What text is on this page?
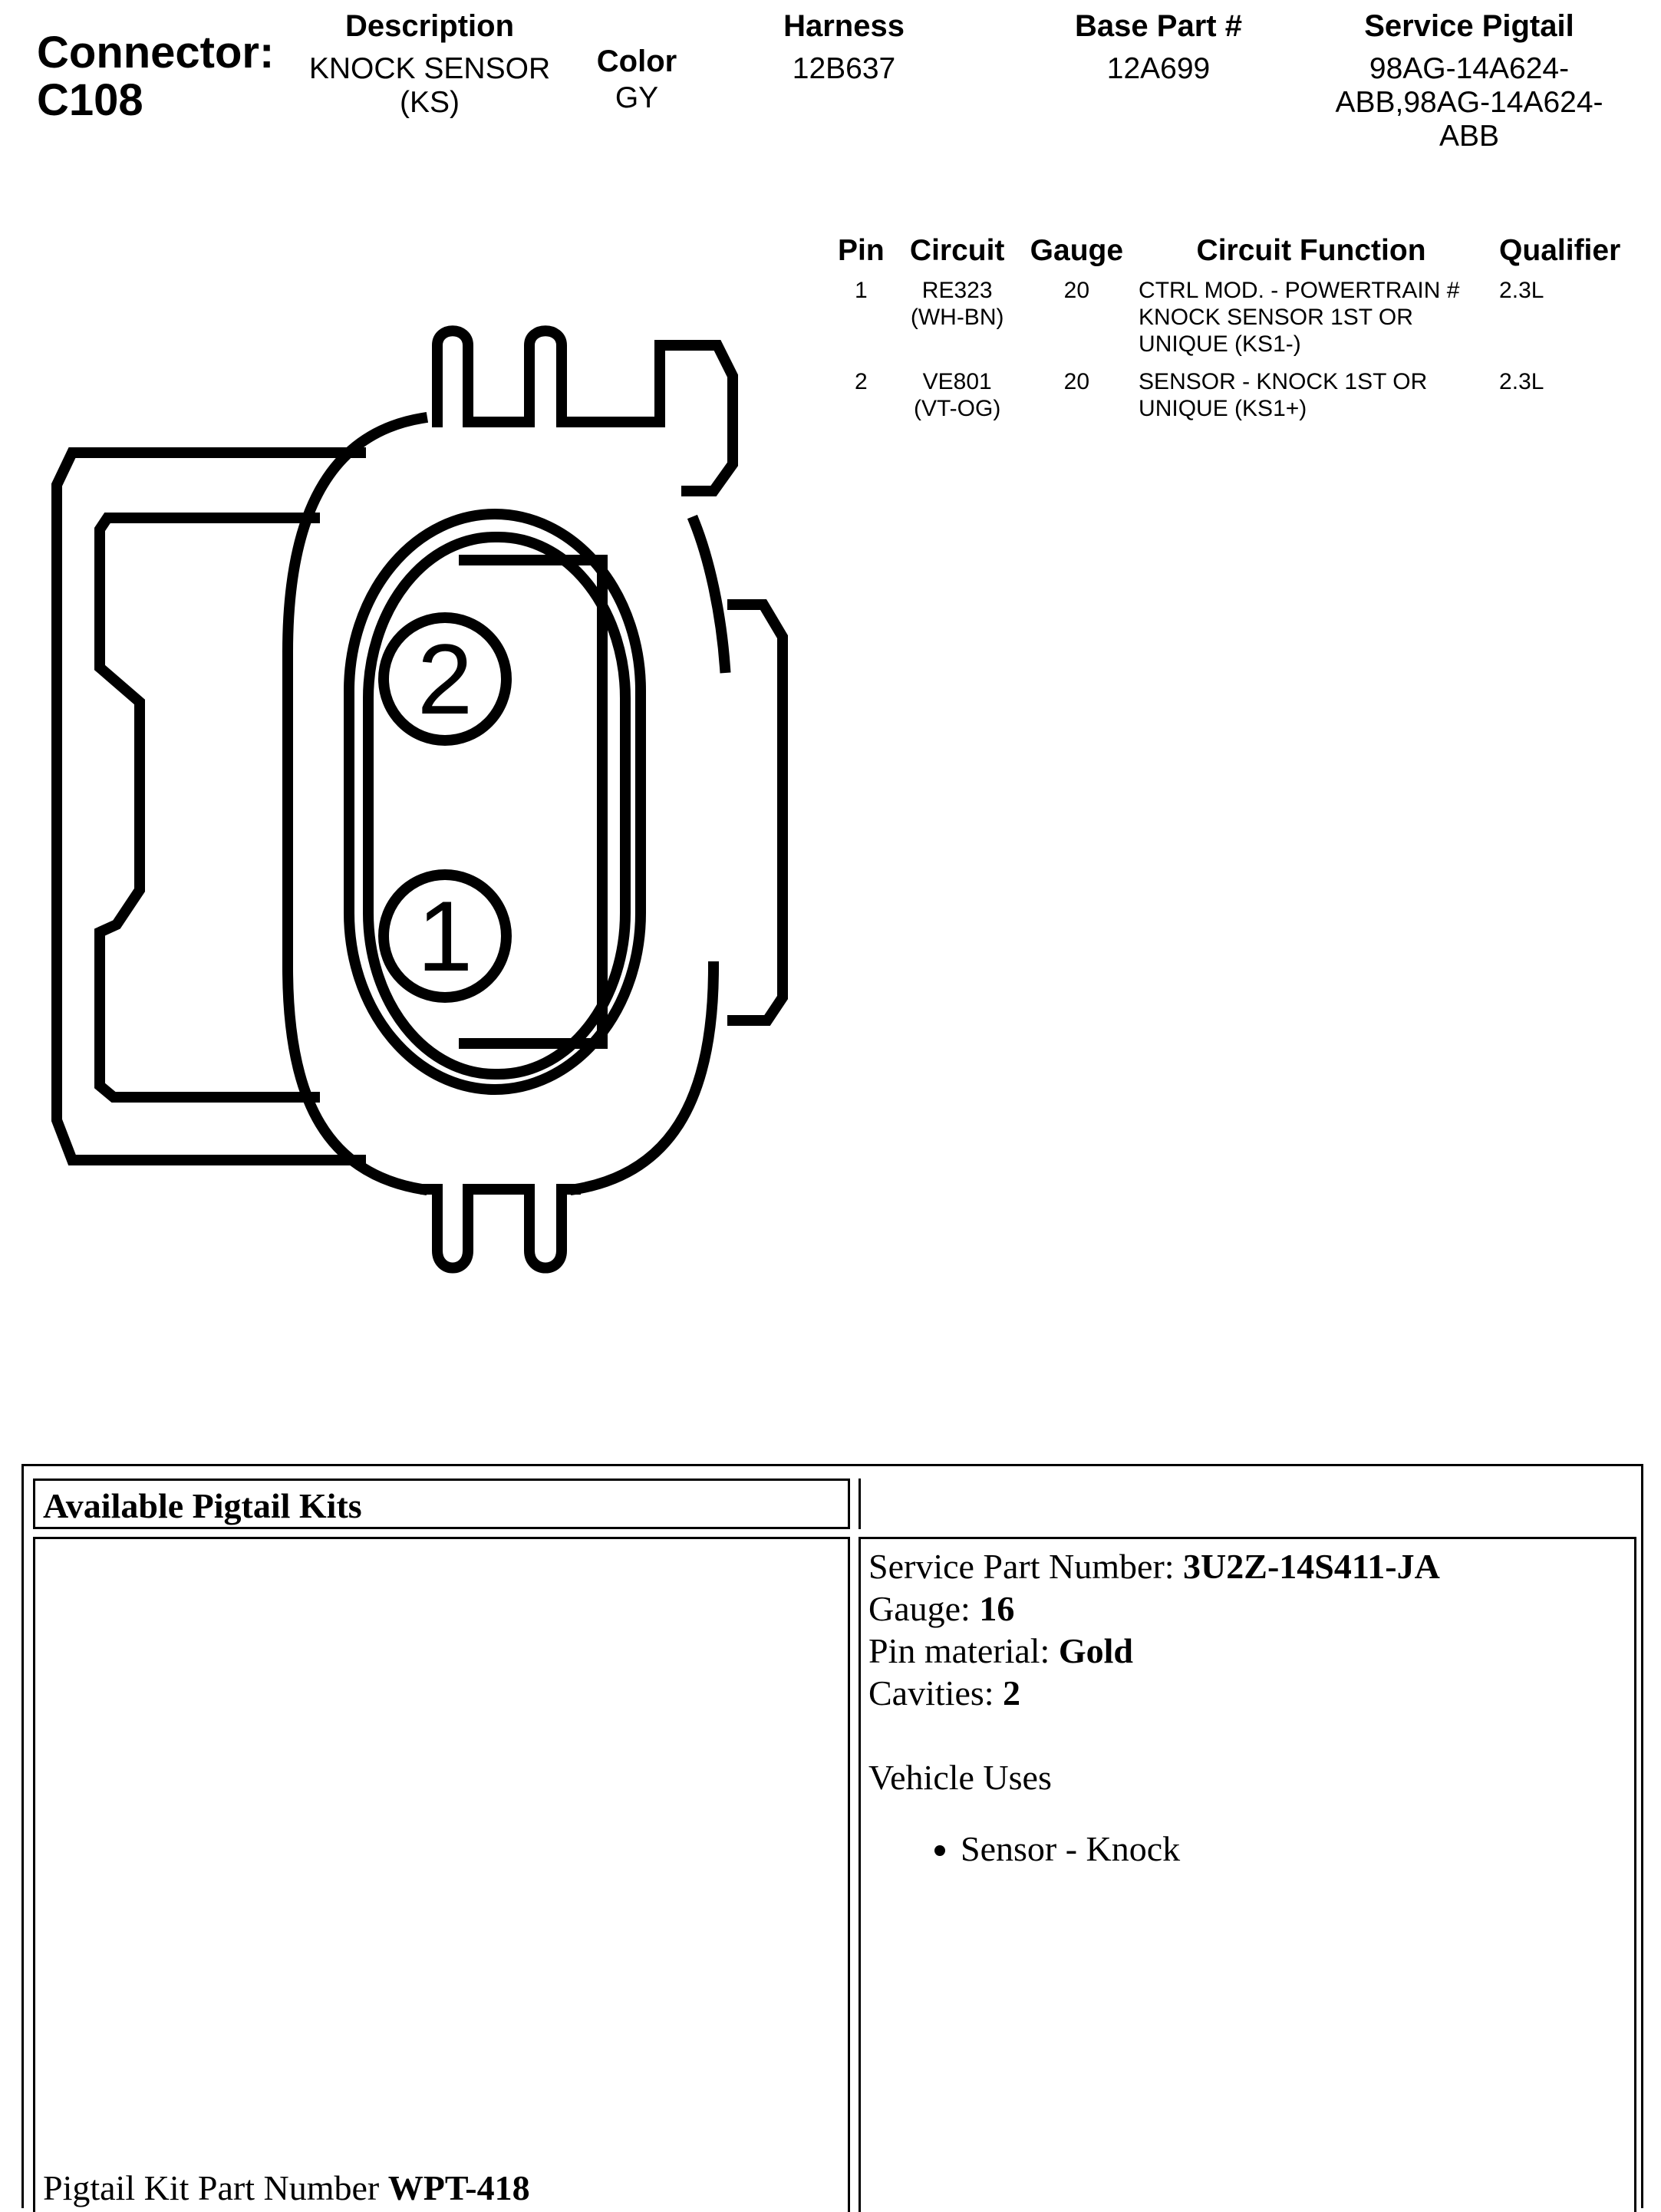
Connector:
C108
Description
KNOCK SENSOR (KS)
Color
GY
Harness
12B637
Base Part #
12A699
Service Pigtail
98AG-14A624-ABB,98AG-14A624-ABB
Pin	Circuit	Gauge	Circuit Function	Qualifier
1	RE323 (WH-BN)	20	CTRL MOD. - POWERTRAIN # KNOCK SENSOR 1ST OR UNIQUE (KS1-)	2.3L
2	VE801 (VT-OG)	20	SENSOR - KNOCK 1ST OR UNIQUE (KS1+)	2.3L
2
1
Available Pigtail Kits
Pigtail Kit Part Number WPT-418
Service Part Number: 3U2Z-14S411-JA
Gauge: 16
Pin material: Gold
Cavities: 2
Vehicle Uses
• Sensor - Knock
